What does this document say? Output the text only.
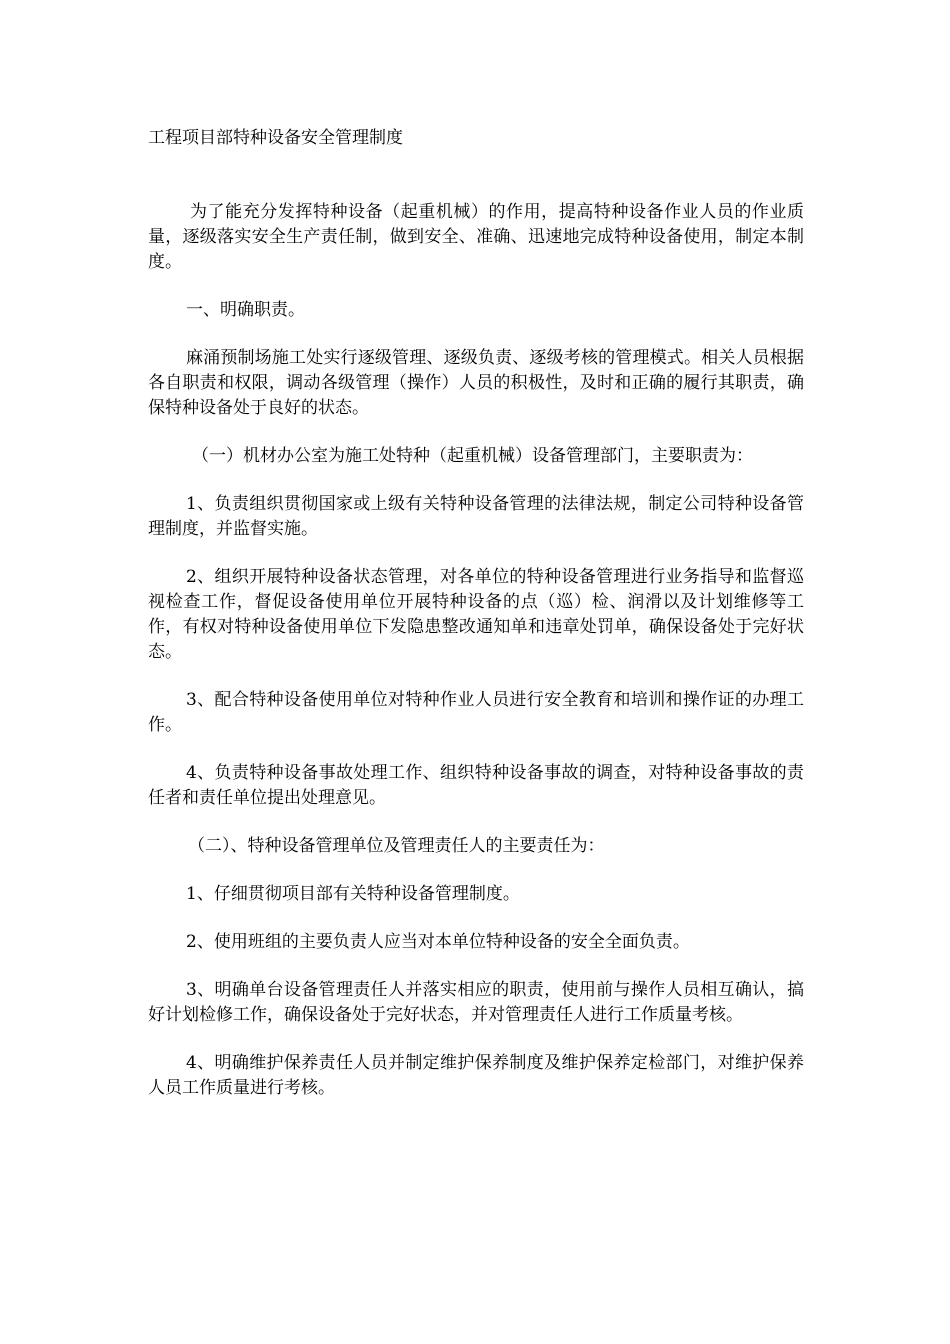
工程项目部特种设备安全管理制度

为了能充分发挥特种设备（起重机械）的作用，提高特种设备作业人员的作业质量，逐级落实安全生产责任制，做到安全、准确、迅速地完成特种设备使用，制定本制度。

一、明确职责。

麻涌预制场施工处实行逐级管理、逐级负责、逐级考核的管理模式。相关人员根据各自职责和权限，调动各级管理（操作）人员的积极性，及时和正确的履行其职责，确保特种设备处于良好的状态。

（一）机材办公室为施工处特种（起重机械）设备管理部门，主要职责为：

1、负责组织贯彻国家或上级有关特种设备管理的法律法规，制定公司特种设备管理制度，并监督实施。

2、组织开展特种设备状态管理，对各单位的特种设备管理进行业务指导和监督巡视检查工作，督促设备使用单位开展特种设备的点（巡）检、润滑以及计划维修等工作，有权对特种设备使用单位下发隐患整改通知单和违章处罚单，确保设备处于完好状态。

3、配合特种设备使用单位对特种作业人员进行安全教育和培训和操作证的办理工作。

4、负责特种设备事故处理工作、组织特种设备事故的调查，对特种设备事故的责任者和责任单位提出处理意见。

（二）、特种设备管理单位及管理责任人的主要责任为：

1、仔细贯彻项目部有关特种设备管理制度。

2、使用班组的主要负责人应当对本单位特种设备的安全全面负责。

3、明确单台设备管理责任人并落实相应的职责，使用前与操作人员相互确认，搞好计划检修工作，确保设备处于完好状态，并对管理责任人进行工作质量考核。

4、明确维护保养责任人员并制定维护保养制度及维护保养定检部门，对维护保养人员工作质量进行考核。
